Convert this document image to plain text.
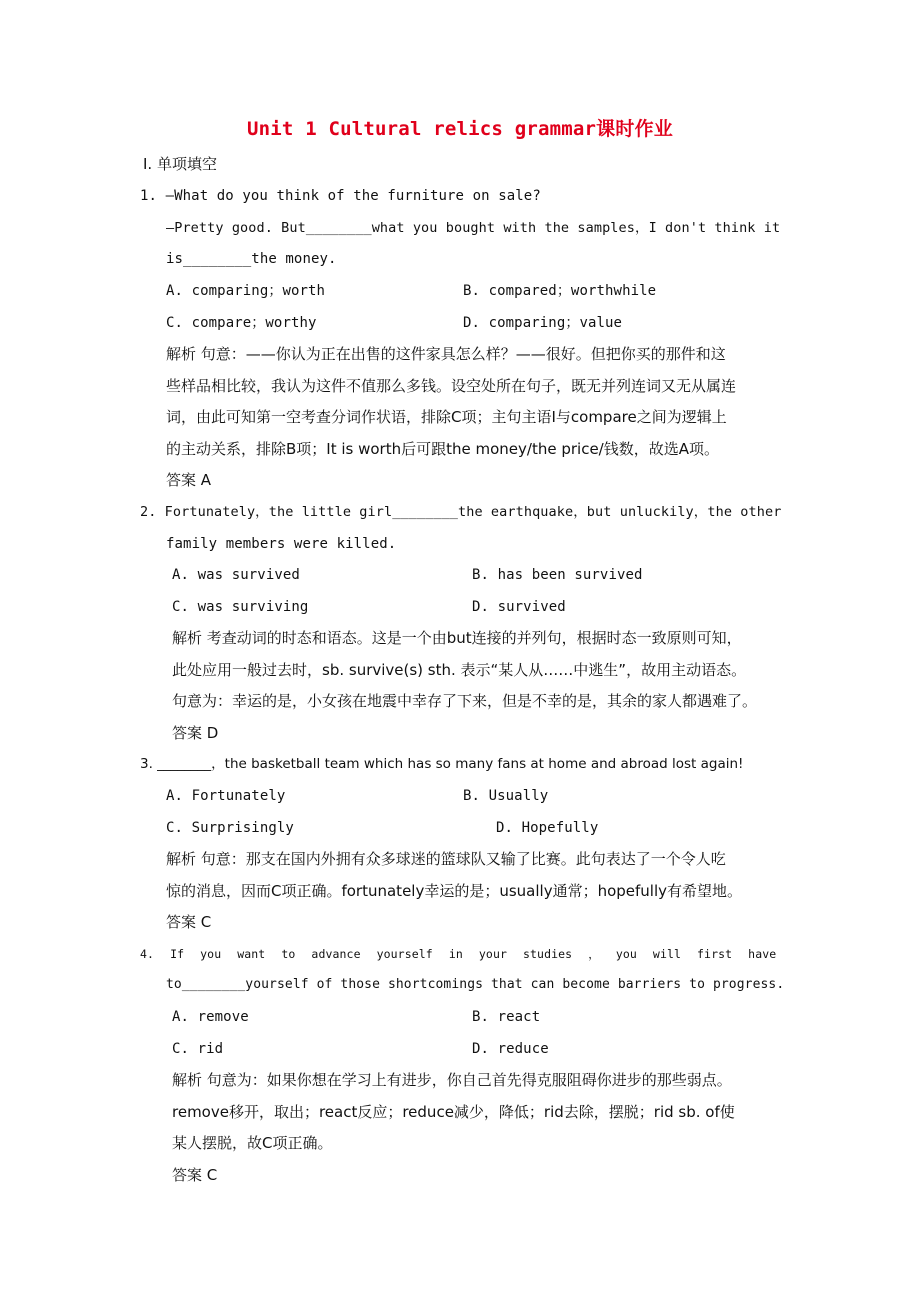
Unit 1 Cultural relics grammar课时作业
Ⅰ. 单项填空
1. —What do you think of the furniture on sale?
—Pretty good. But________what you bought with the samples，I don't think it
is________the money.
A. comparing；worth	B. compared；worthwhile
C. compare；worthy	D. comparing；value
解析 句意：——你认为正在出售的这件家具怎么样？——很好。但把你买的那件和这
些样品相比较，我认为这件不值那么多钱。设空处所在句子，既无并列连词又无从属连
词，由此可知第一空考查分词作状语，排除C项；主句主语I与compare之间为逻辑上
的主动关系，排除B项；It is worth后可跟the money/the price/钱数，故选A项。
答案 A
2. Fortunately，the little girl________the earthquake，but unluckily，the other
family members were killed.
A. was survived	B. has been survived
C. was surviving	D. survived
解析 考查动词的时态和语态。这是一个由but连接的并列句，根据时态一致原则可知，
此处应用一般过去时，sb. survive(s) sth. 表示“某人从……中逃生”，故用主动语态。
句意为：幸运的是，小女孩在地震中幸存了下来，但是不幸的是，其余的家人都遇难了。
答案 D
3. ________，the basketball team which has so many fans at home and abroad lost again!
A. Fortunately	B. Usually
C. Surprisingly	D. Hopefully
解析 句意：那支在国内外拥有众多球迷的篮球队又输了比赛。此句表达了一个令人吃
惊的消息，因而C项正确。fortunately幸运的是；usually通常；hopefully有希望地。
答案 C
4. If you want to advance yourself in your studies ， you will first have
to________yourself of those shortcomings that can become barriers to progress.
A. remove	B. react
C. rid	D. reduce
解析 句意为：如果你想在学习上有进步，你自己首先得克服阻碍你进步的那些弱点。
remove移开，取出；react反应；reduce减少，降低；rid去除，摆脱；rid sb. of使
某人摆脱，故C项正确。
答案 C
